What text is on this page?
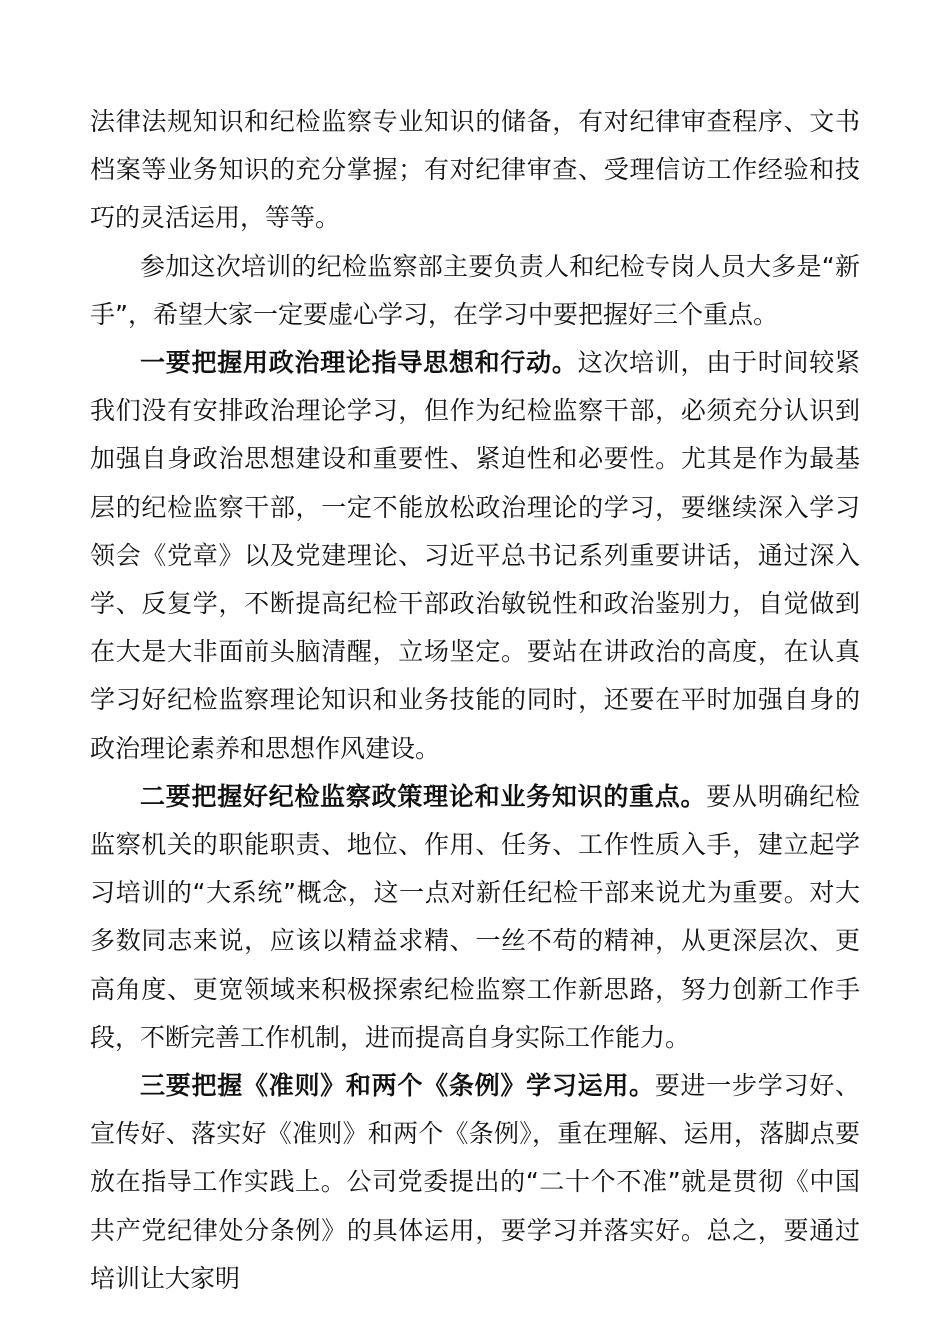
法律法规知识和纪检监察专业知识的储备，有对纪律审查程序、文书档案等业务知识的充分掌握；有对纪律审查、受理信访工作经验和技巧的灵活运用，等等。

参加这次培训的纪检监察部主要负责人和纪检专岗人员大多是“新手”，希望大家一定要虚心学习，在学习中要把握好三个重点。

一要把握用政治理论指导思想和行动。这次培训，由于时间较紧我们没有安排政治理论学习，但作为纪检监察干部，必须充分认识到加强自身政治思想建设和重要性、紧迫性和必要性。尤其是作为最基层的纪检监察干部，一定不能放松政治理论的学习，要继续深入学习领会《党章》以及党建理论、习近平总书记系列重要讲话，通过深入学、反复学，不断提高纪检干部政治敏锐性和政治鉴别力，自觉做到在大是大非面前头脑清醒，立场坚定。要站在讲政治的高度，在认真学习好纪检监察理论知识和业务技能的同时，还要在平时加强自身的政治理论素养和思想作风建设。

二要把握好纪检监察政策理论和业务知识的重点。要从明确纪检监察机关的职能职责、地位、作用、任务、工作性质入手，建立起学习培训的“大系统”概念，这一点对新任纪检干部来说尤为重要。对大多数同志来说，应该以精益求精、一丝不苟的精神，从更深层次、更高角度、更宽领域来积极探索纪检监察工作新思路，努力创新工作手段，不断完善工作机制，进而提高自身实际工作能力。

三要把握《准则》和两个《条例》学习运用。要进一步学习好、宣传好、落实好《准则》和两个《条例》，重在理解、运用，落脚点要放在指导工作实践上。公司党委提出的“二十个不准”就是贯彻《中国共产党纪律处分条例》的具体运用，要学习并落实好。总之，要通过培训让大家明
